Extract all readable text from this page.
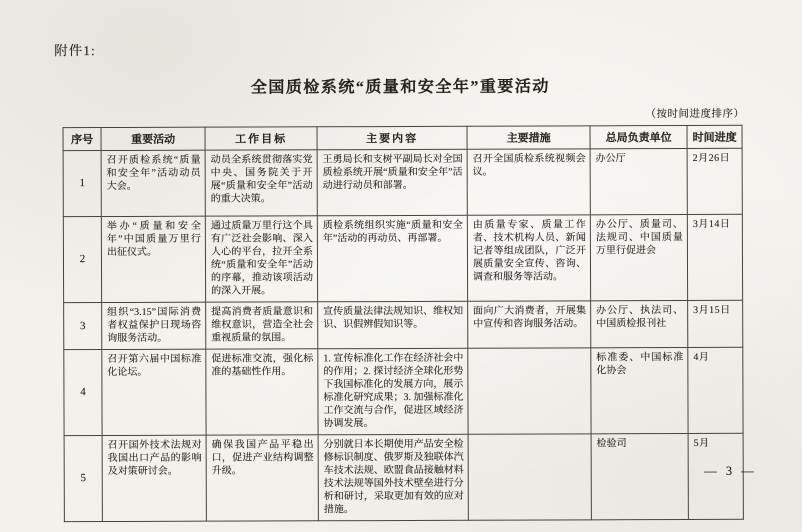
附件1:
全国质检系统“质量和安全年”重要活动
（按时间进度排序）
序号	重要活动	工作目标	主要内容	主要措施	总局负责单位	时间进度
1	召开质检系统“质量和安全年”活动动员大会。	动员全系统贯彻落实党中央、国务院关于开展“质量和安全年”活动的重大决策。	王勇局长和支树平副局长对全国质检系统开展“质量和安全年”活动进行动员和部署。	召开全国质检系统视频会议。	办公厅	2月26日
2	举办“质量和安全年”中国质量万里行出征仪式。	通过质量万里行这个具有广泛社会影响、深入人心的平台，拉开全系统“质量和安全年”活动的序幕，推动该项活动的深入开展。	质检系统组织实施“质量和安全年”活动的再动员、再部署。	由质量专家、质量工作者、技术机构人员、新闻记者等组成团队，广泛开展质量安全宣传、咨询、调查和服务等活动。	办公厅、质量司、法规司、中国质量万里行促进会	3月14日
3	组织“3.15”国际消费者权益保护日现场咨询服务活动。	提高消费者质量意识和维权意识，营造全社会重视质量的氛围。	宣传质量法律法规知识、维权知识、识假辨假知识等。	面向广大消费者，开展集中宣传和咨询服务活动。	办公厅、执法司、中国质检报刊社	3月15日
4	召开第六届中国标准化论坛。	促进标准交流，强化标准的基础性作用。	1. 宣传标准化工作在经济社会中的作用；2. 探讨经济全球化形势下我国标准化的发展方向，展示标准化研究成果；3. 加强标准化工作交流与合作，促进区域经济协调发展。		标准委、中国标准化协会	4月
5	召开国外技术法规对我国出口产品的影响及对策研讨会。	确保我国产品平稳出口，促进产业结构调整升级。	分别就日本长期使用产品安全检修标识制度、俄罗斯及独联体汽车技术法规、欧盟食品接触材料技术法规等国外技术壁垒进行分析和研讨，采取更加有效的应对措施。		检验司	5月
— 3 —
